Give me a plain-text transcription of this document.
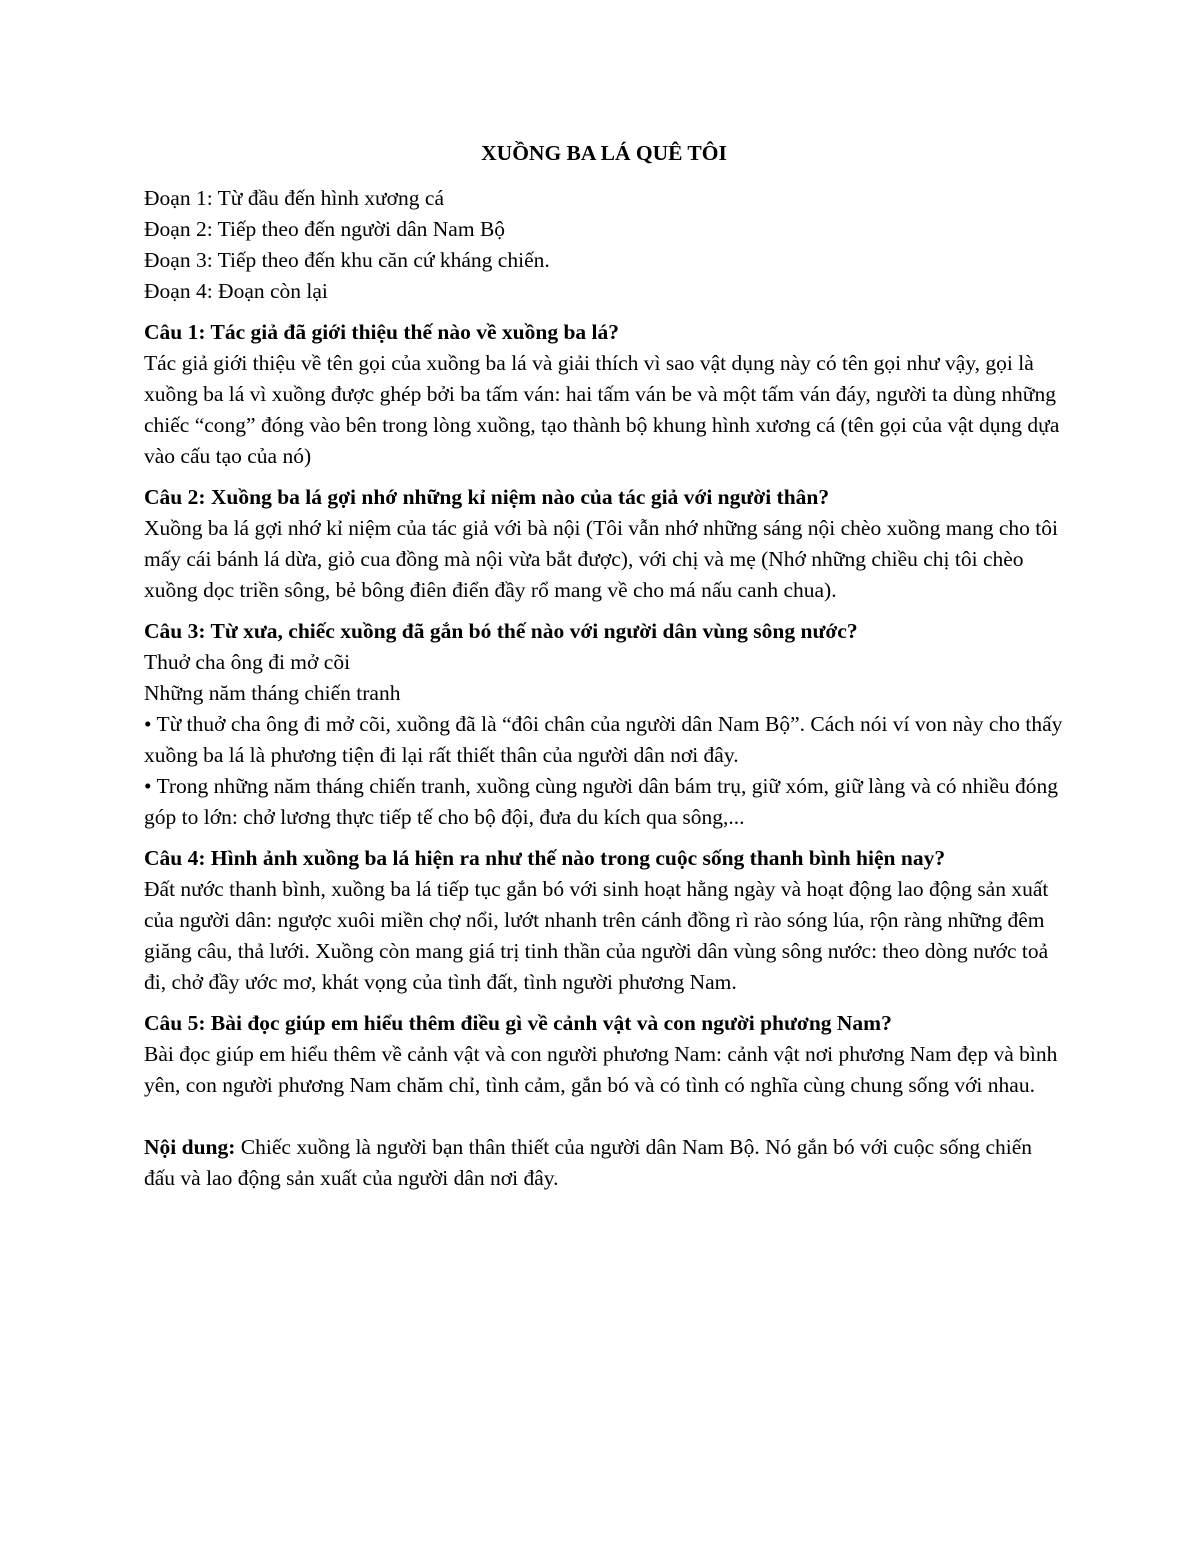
XUỒNG BA LÁ QUÊ TÔI

Đoạn 1: Từ đầu đến hình xương cá

Đoạn 2: Tiếp theo đến người dân Nam Bộ

Đoạn 3: Tiếp theo đến khu căn cứ kháng chiến.

Đoạn 4: Đoạn còn lại

Câu 1: Tác giả đã giới thiệu thế nào về xuồng ba lá?

Tác giả giới thiệu về tên gọi của xuồng ba lá và giải thích vì sao vật dụng này có tên gọi như vậy, gọi là xuồng ba lá vì xuồng được ghép bởi ba tấm ván: hai tấm ván be và một tấm ván đáy, người ta dùng những chiếc “cong” đóng vào bên trong lòng xuồng, tạo thành bộ khung hình xương cá (tên gọi của vật dụng dựa vào cấu tạo của nó)

Câu 2: Xuồng ba lá gợi nhớ những kỉ niệm nào của tác giả với người thân?

Xuồng ba lá gợi nhớ kỉ niệm của tác giả với bà nội (Tôi vẫn nhớ những sáng nội chèo xuồng mang cho tôi mấy cái bánh lá dừa, giỏ cua đồng mà nội vừa bắt được), với chị và mẹ (Nhớ những chiều chị tôi chèo xuồng dọc triền sông, bẻ bông điên điển đầy rổ mang về cho má nấu canh chua).

Câu 3: Từ xưa, chiếc xuồng đã gắn bó thế nào với người dân vùng sông nước?

Thuở cha ông đi mở cõi

Những năm tháng chiến tranh

• Từ thuở cha ông đi mở cõi, xuồng đã là “đôi chân của người dân Nam Bộ”. Cách nói ví von này cho thấy xuồng ba lá là phương tiện đi lại rất thiết thân của người dân nơi đây.

• Trong những năm tháng chiến tranh, xuồng cùng người dân bám trụ, giữ xóm, giữ làng và có nhiều đóng góp to lớn: chở lương thực tiếp tế cho bộ đội, đưa du kích qua sông,...

Câu 4: Hình ảnh xuồng ba lá hiện ra như thế nào trong cuộc sống thanh bình hiện nay?

Đất nước thanh bình, xuồng ba lá tiếp tục gắn bó với sinh hoạt hằng ngày và hoạt động lao động sản xuất của người dân: ngược xuôi miền chợ nổi, lướt nhanh trên cánh đồng rì rào sóng lúa, rộn ràng những đêm giăng câu, thả lưới. Xuồng còn mang giá trị tinh thần của người dân vùng sông nước: theo dòng nước toả đi, chở đầy ước mơ, khát vọng của tình đất, tình người phương Nam.

Câu 5: Bài đọc giúp em hiểu thêm điều gì về cảnh vật và con người phương Nam?

Bài đọc giúp em hiểu thêm về cảnh vật và con người phương Nam: cảnh vật nơi phương Nam đẹp và bình yên, con người phương Nam chăm chỉ, tình cảm, gắn bó và có tình có nghĩa cùng chung sống với nhau.

Nội dung: Chiếc xuồng là người bạn thân thiết của người dân Nam Bộ. Nó gắn bó với cuộc sống chiến đấu và lao động sản xuất của người dân nơi đây.
